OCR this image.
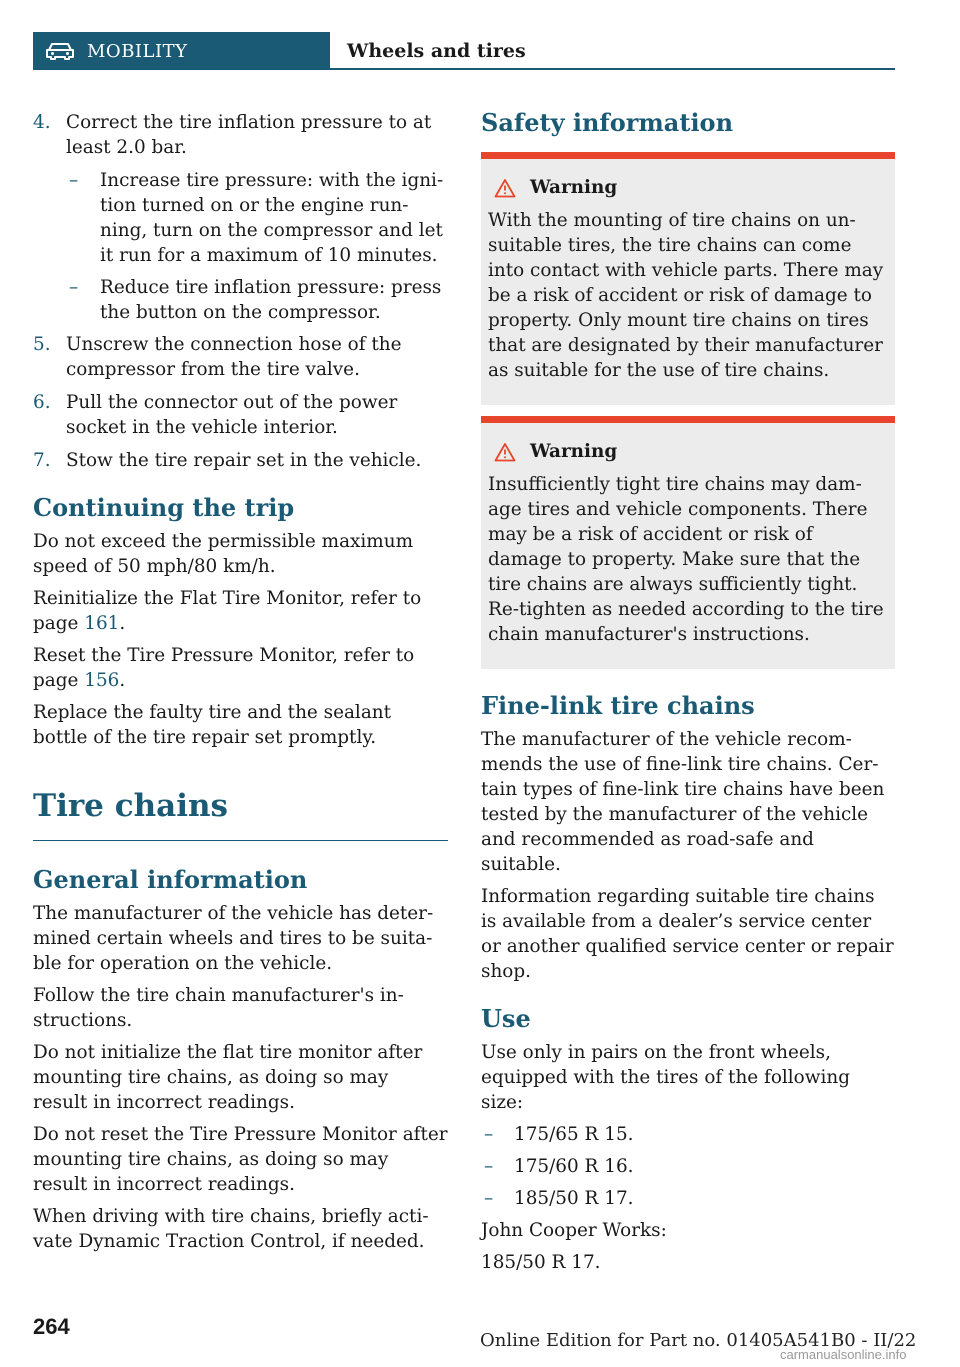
MOBILITY	Wheels and tires
4. Correct the tire inflation pressure to at least 2.0 bar.
– Increase tire pressure: with the ignition turned on or the engine running, turn on the compressor and let it run for a maximum of 10 minutes.
– Reduce tire inflation pressure: press the button on the compressor.
5. Unscrew the connection hose of the compressor from the tire valve.
6. Pull the connector out of the power socket in the vehicle interior.
7. Stow the tire repair set in the vehicle.
Continuing the trip

Do not exceed the permissible maximum speed of 50 mph/80 km/h.

Reinitialize the Flat Tire Monitor, refer to page 161.

Reset the Tire Pressure Monitor, refer to page 156.

Replace the faulty tire and the sealant bottle of the tire repair set promptly.

Tire chains
General information

The manufacturer of the vehicle has determined certain wheels and tires to be suitable for operation on the vehicle.

Follow the tire chain manufacturer's instructions.

Do not initialize the flat tire monitor after mounting tire chains, as doing so may result in incorrect readings.

Do not reset the Tire Pressure Monitor after mounting tire chains, as doing so may result in incorrect readings.

When driving with tire chains, briefly activate Dynamic Traction Control, if needed.

Safety information
Warning

With the mounting of tire chains on unsuitable tires, the tire chains can come into contact with vehicle parts. There may be a risk of accident or risk of damage to property. Only mount tire chains on tires that are designated by their manufacturer as suitable for the use of tire chains.

Warning

Insufficiently tight tire chains may damage tires and vehicle components. There may be a risk of accident or risk of damage to property. Make sure that the tire chains are always sufficiently tight. Re-tighten as needed according to the tire chain manufacturer's instructions.

Fine-link tire chains

The manufacturer of the vehicle recommends the use of fine-link tire chains. Certain types of fine-link tire chains have been tested by the manufacturer of the vehicle and recommended as road-safe and suitable.

Information regarding suitable tire chains is available from a dealer’s service center or another qualified service center or repair shop.

Use

Use only in pairs on the front wheels, equipped with the tires of the following size:

– 175/65 R 15.
– 175/60 R 16.
– 185/50 R 17.

John Cooper Works:

185/50 R 17.

264
Online Edition for Part no. 01405A541B0 - II/22
carmanualsonline.info
